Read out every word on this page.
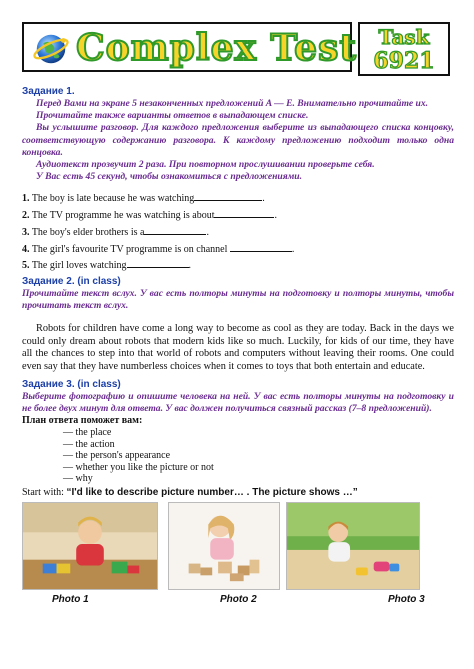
Complex Test	Task
6921

Задание 1.

Перед Вами на экране 5 незаконченных предложений A — E. Внимательно прочитайте их.

Прочитайте также варианты ответов в выпадающем списке.

Вы услышите разговор. Для каждого предложения выберите из выпадающего списка концовку, соответствующую содержанию разговора. К каждому предложению подходит только одна концовка.

Аудиотекст прозвучит 2 раза. При повторном прослушивании проверьте себя.

У Вас есть 45 секунд, чтобы ознакомиться с предложениями.

1. The boy is late because he was watching	.
2. The TV programme he was watching is about	.
3. The boy's elder brothers is a	.
4. The girl's favourite TV programme is on channel	.
5. The girl loves watching	.

Задание 2. (in class)

Прочитайте текст вслух. У вас есть полторы минуты на подготовку и полторы минуты, чтобы прочитать текст вслух.

Robots for children have come a long way to become as cool as they are today. Back in the days we could only dream about robots that modern kids like so much. Luckily, for kids of our time, they have all the chances to step into that world of robots and computers without leaving their rooms. One could even say that they have numberless choices when it comes to toys that both entertain and educate.

Задание 3. (in class)

Выберите фотографию и опишите человека на ней. У вас есть полторы минуты на подготовку и не более двух минут для ответа. У вас должен получиться связный рассказ (7–8 предложений).

План ответа поможет вам:

— the place
— the action
— the person's appearance
— whether you like the picture or not
— why

Start with: “I'd like to describe picture number… . The picture shows …”

Photo 1	Photo 2	Photo 3
